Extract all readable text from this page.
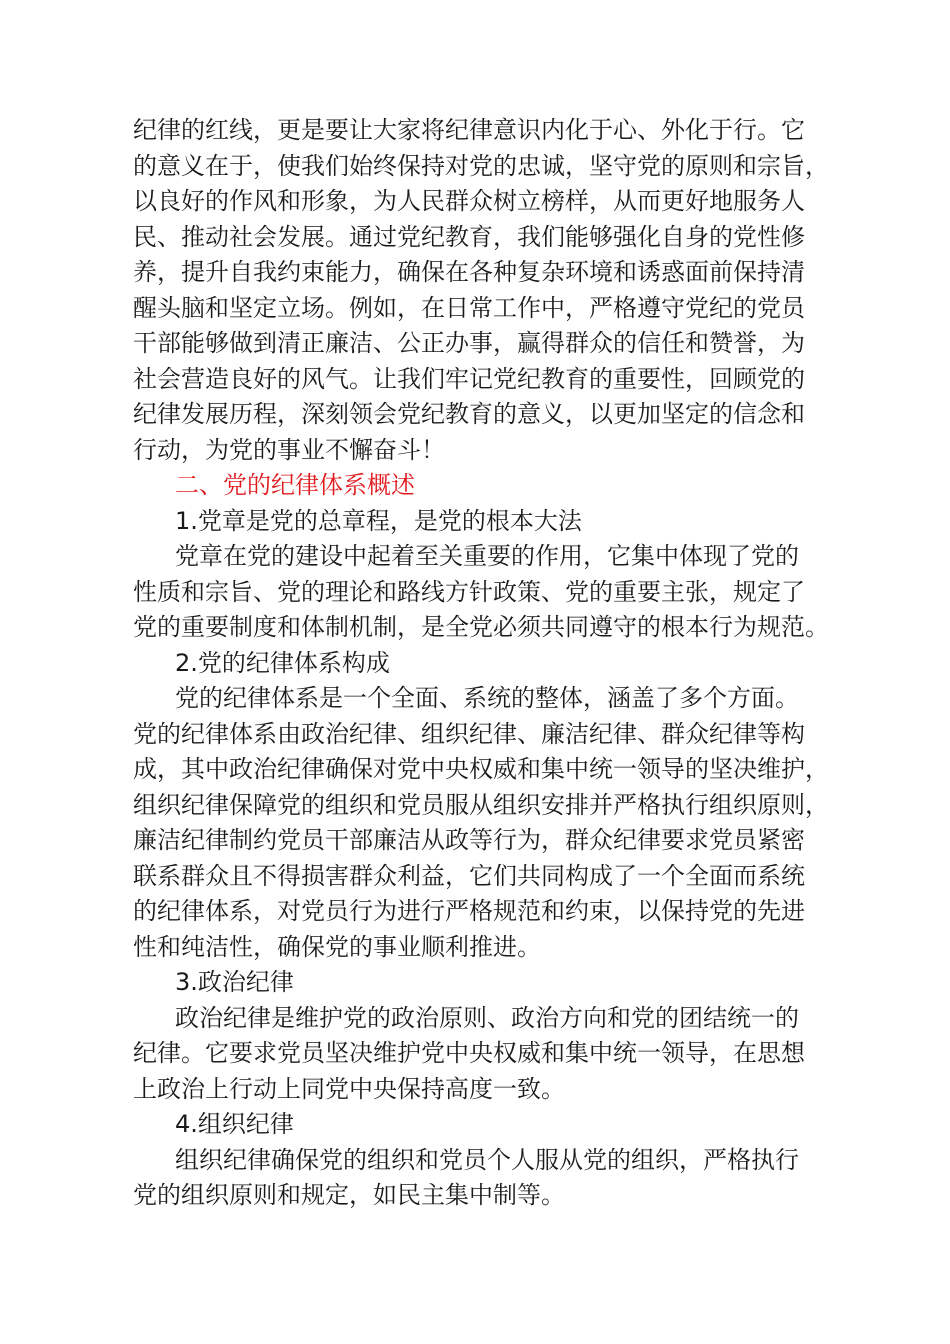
纪律的红线，更是要让大家将纪律意识内化于心、外化于行。它
的意义在于，使我们始终保持对党的忠诚，坚守党的原则和宗旨，
以良好的作风和形象，为人民群众树立榜样，从而更好地服务人
民、推动社会发展。通过党纪教育，我们能够强化自身的党性修
养，提升自我约束能力，确保在各种复杂环境和诱惑面前保持清
醒头脑和坚定立场。例如，在日常工作中，严格遵守党纪的党员
干部能够做到清正廉洁、公正办事，赢得群众的信任和赞誉，为
社会营造良好的风气。让我们牢记党纪教育的重要性，回顾党的
纪律发展历程，深刻领会党纪教育的意义，以更加坚定的信念和
行动，为党的事业不懈奋斗！
二、党的纪律体系概述
1.党章是党的总章程，是党的根本大法
党章在党的建设中起着至关重要的作用，它集中体现了党的
性质和宗旨、党的理论和路线方针政策、党的重要主张，规定了
党的重要制度和体制机制，是全党必须共同遵守的根本行为规范。
2.党的纪律体系构成
党的纪律体系是一个全面、系统的整体，涵盖了多个方面。
党的纪律体系由政治纪律、组织纪律、廉洁纪律、群众纪律等构
成，其中政治纪律确保对党中央权威和集中统一领导的坚决维护，
组织纪律保障党的组织和党员服从组织安排并严格执行组织原则，
廉洁纪律制约党员干部廉洁从政等行为，群众纪律要求党员紧密
联系群众且不得损害群众利益，它们共同构成了一个全面而系统
的纪律体系，对党员行为进行严格规范和约束，以保持党的先进
性和纯洁性，确保党的事业顺利推进。
3.政治纪律
政治纪律是维护党的政治原则、政治方向和党的团结统一的
纪律。它要求党员坚决维护党中央权威和集中统一领导，在思想
上政治上行动上同党中央保持高度一致。
4.组织纪律
组织纪律确保党的组织和党员个人服从党的组织，严格执行
党的组织原则和规定，如民主集中制等。
